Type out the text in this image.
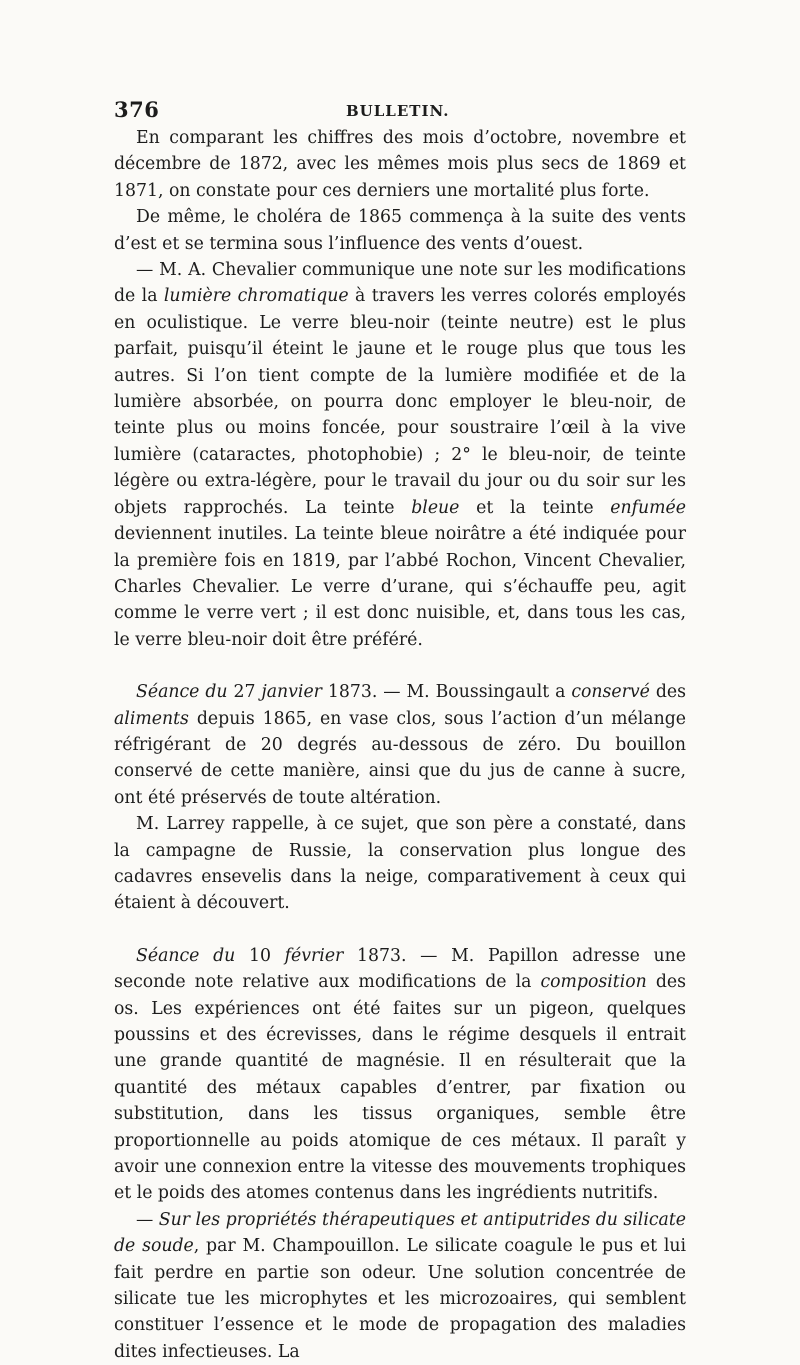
376	BULLETIN.

En comparant les chiffres des mois d’octobre, novembre et décembre de 1872, avec les mêmes mois plus secs de 1869 et 1871, on constate pour ces derniers une mortalité plus forte.

De même, le choléra de 1865 commença à la suite des vents d’est et se termina sous l’influence des vents d’ouest.

— M. A. Chevalier communique une note sur les modifications de la lumière chromatique à travers les verres colorés employés en oculistique. Le verre bleu-noir (teinte neutre) est le plus parfait, puisqu’il éteint le jaune et le rouge plus que tous les autres. Si l’on tient compte de la lumière modifiée et de la lumière absorbée, on pourra donc employer le bleu-noir, de teinte plus ou moins foncée, pour soustraire l’œil à la vive lumière (cataractes, photophobie) ; 2° le bleu-noir, de teinte légère ou extra-légère, pour le travail du jour ou du soir sur les objets rapprochés. La teinte bleue et la teinte enfumée deviennent inutiles. La teinte bleue noirâtre a été indiquée pour la première fois en 1819, par l’abbé Rochon, Vincent Chevalier, Charles Chevalier. Le verre d’urane, qui s’échauffe peu, agit comme le verre vert ; il est donc nuisible, et, dans tous les cas, le verre bleu-noir doit être préféré.

Séance du 27 janvier 1873. — M. Boussingault a conservé des aliments depuis 1865, en vase clos, sous l’action d’un mélange réfrigérant de 20 degrés au-dessous de zéro. Du bouillon conservé de cette manière, ainsi que du jus de canne à sucre, ont été préservés de toute altération.

M. Larrey rappelle, à ce sujet, que son père a constaté, dans la campagne de Russie, la conservation plus longue des cadavres ensevelis dans la neige, comparativement à ceux qui étaient à découvert.

Séance du 10 février 1873. — M. Papillon adresse une seconde note relative aux modifications de la composition des os. Les expériences ont été faites sur un pigeon, quelques poussins et des écrevisses, dans le régime desquels il entrait une grande quantité de magnésie. Il en résulterait que la quantité des métaux capables d’entrer, par fixation ou substitution, dans les tissus organiques, semble être proportionnelle au poids atomique de ces métaux. Il paraît y avoir une connexion entre la vitesse des mouvements trophiques et le poids des atomes contenus dans les ingrédients nutritifs.

— Sur les propriétés thérapeutiques et antiputrides du silicate de soude, par M. Champouillon. Le silicate coagule le pus et lui fait perdre en partie son odeur. Une solution concentrée de silicate tue les microphytes et les microzoaires, qui semblent constituer l’essence et le mode de propagation des maladies dites infectieuses. La
